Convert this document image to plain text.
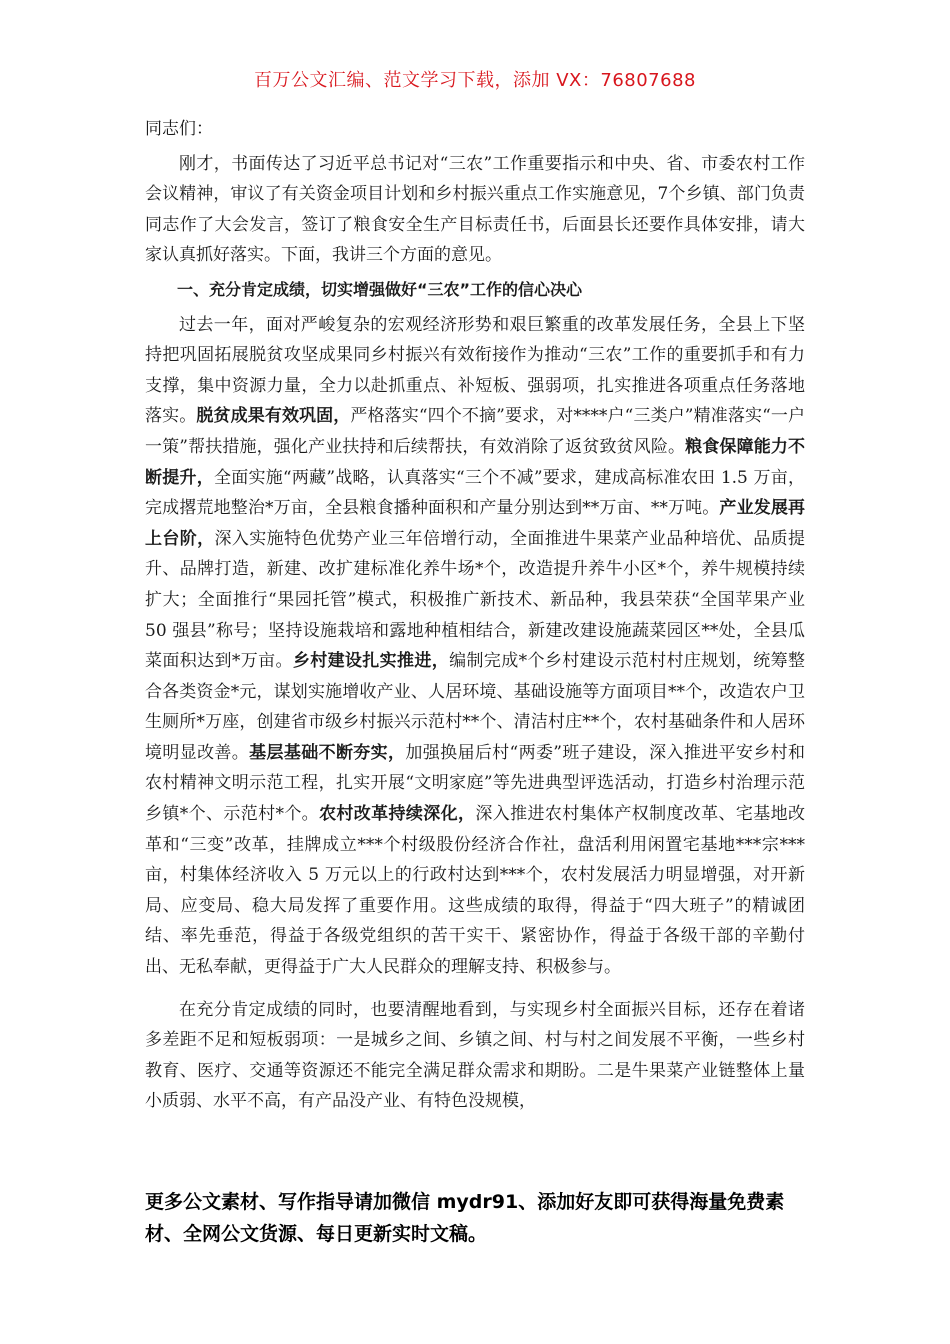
百万公文汇编、范文学习下载，添加 VX：76807688

同志们：

刚才，书面传达了习近平总书记对“三农”工作重要指示和中央、省、市委农村工作会议精神，审议了有关资金项目计划和乡村振兴重点工作实施意见，7个乡镇、部门负责同志作了大会发言，签订了粮食安全生产目标责任书，后面县长还要作具体安排，请大家认真抓好落实。下面，我讲三个方面的意见。

一、充分肯定成绩，切实增强做好“三农”工作的信心决心

过去一年，面对严峻复杂的宏观经济形势和艰巨繁重的改革发展任务，全县上下坚持把巩固拓展脱贫攻坚成果同乡村振兴有效衔接作为推动“三农”工作的重要抓手和有力支撑，集中资源力量，全力以赴抓重点、补短板、强弱项，扎实推进各项重点任务落地落实。脱贫成果有效巩固，严格落实“四个不摘”要求，对****户“三类户”精准落实“一户一策”帮扶措施，强化产业扶持和后续帮扶，有效消除了返贫致贫风险。粮食保障能力不断提升，全面实施“两藏”战略，认真落实“三个不减”要求，建成高标准农田 1.5 万亩，完成撂荒地整治*万亩，全县粮食播种面积和产量分别达到**万亩、**万吨。产业发展再上台阶，深入实施特色优势产业三年倍增行动，全面推进牛果菜产业品种培优、品质提升、品牌打造，新建、改扩建标准化养牛场*个，改造提升养牛小区*个，养牛规模持续扩大；全面推行“果园托管”模式，积极推广新技术、新品种，我县荣获“全国苹果产业 50 强县”称号；坚持设施栽培和露地种植相结合，新建改建设施蔬菜园区**处，全县瓜菜面积达到*万亩。乡村建设扎实推进，编制完成*个乡村建设示范村村庄规划，统筹整合各类资金*元，谋划实施增收产业、人居环境、基础设施等方面项目**个，改造农户卫生厕所*万座，创建省市级乡村振兴示范村**个、清洁村庄**个，农村基础条件和人居环境明显改善。基层基础不断夯实，加强换届后村“两委”班子建设，深入推进平安乡村和农村精神文明示范工程，扎实开展“文明家庭”等先进典型评选活动，打造乡村治理示范乡镇*个、示范村*个。农村改革持续深化，深入推进农村集体产权制度改革、宅基地改革和“三变”改革，挂牌成立***个村级股份经济合作社，盘活利用闲置宅基地***宗***亩，村集体经济收入 5 万元以上的行政村达到***个，农村发展活力明显增强，对开新局、应变局、稳大局发挥了重要作用。这些成绩的取得，得益于“四大班子”的精诚团结、率先垂范，得益于各级党组织的苦干实干、紧密协作，得益于各级干部的辛勤付出、无私奉献，更得益于广大人民群众的理解支持、积极参与。

在充分肯定成绩的同时，也要清醒地看到，与实现乡村全面振兴目标，还存在着诸多差距不足和短板弱项：一是城乡之间、乡镇之间、村与村之间发展不平衡，一些乡村教育、医疗、交通等资源还不能完全满足群众需求和期盼。二是牛果菜产业链整体上量小质弱、水平不高，有产品没产业、有特色没规模，

更多公文素材、写作指导请加微信 mydr91、添加好友即可获得海量免费素材、全网公文货源、每日更新实时文稿。
